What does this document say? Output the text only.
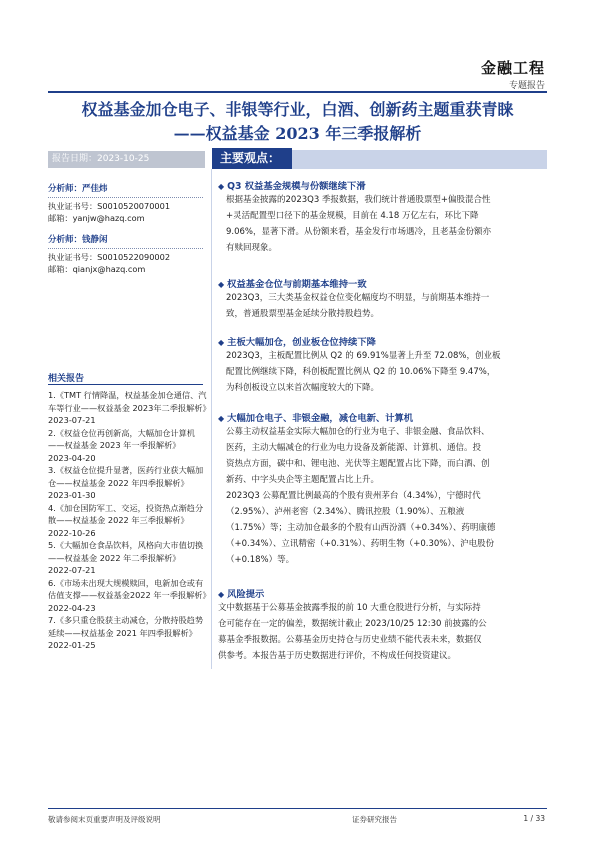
金融工程
专题报告
权益基金加仓电子、非银等行业，白酒、创新药主题重获青睐
——权益基金 2023 年三季报解析
报告日期：2023-10-25	主要观点：
分析师：严佳炜
执业证书号：S0010520070001
邮箱：yanjw@hazq.com
分析师：钱静闲
执业证书号：S0010522090002
邮箱：qianjx@hazq.com
相关报告
1.《TMT 行情降温，权益基金加仓通信、汽车等行业——权益基金 2023年二季报解析》
2023-07-21
2.《权益仓位再创新高，大幅加仓计算机——权益基金 2023 年一季报解析》
2023-04-20
3.《权益仓位提升显著，医药行业获大幅加仓——权益基金 2022 年四季报解析》
2023-01-30
4.《加仓国防军工、交运，投资热点渐趋分散——权益基金 2022 年三季报解析》
2022-10-26
5.《大幅加仓食品饮料，风格向大市值切换——权益基金 2022 年二季报解析》
2022-07-21
6.《市场未出现大规模赎回，电新加仓或有估值支撑——权益基金2022 年一季报解析》
2022-04-23
7.《多只重仓股获主动减仓，分散持股趋势延续——权益基金 2021 年四季报解析》
2022-01-25
◆ Q3 权益基金规模与份额继续下滑
根据基金披露的2023Q3 季报数据，我们统计普通股票型+偏股混合性
+灵活配置型口径下的基金规模，目前在 4.18 万亿左右，环比下降
9.06%，显著下滑。从份额来看，基金发行市场遇冷，且老基金份额亦
有赎回现象。
◆ 权益基金仓位与前期基本维持一致
2023Q3，三大类基金权益仓位变化幅度均不明显，与前期基本维持一
致，普通股票型基金延续分散持股趋势。
◆ 主板大幅加仓，创业板仓位持续下降
2023Q3，主板配置比例从 Q2 的 69.91%显著上升至 72.08%，创业板
配置比例继续下降，科创板配置比例从 Q2 的 10.06%下降至 9.47%，
为科创板设立以来首次幅度较大的下降。
◆ 大幅加仓电子、非银金融，减仓电新、计算机
公募主动权益基金实际大幅加仓的行业为电子、非银金融、食品饮料、
医药，主动大幅减仓的行业为电力设备及新能源、计算机、通信。投
资热点方面，碳中和、锂电池、光伏等主题配置占比下降，而白酒、创
新药、中字头央企等主题配置占比上升。
2023Q3 公募配置比例最高的个股有贵州茅台（4.34%），宁德时代
（2.95%）、泸州老窖（2.34%）、腾讯控股（1.90%）、五粮液
（1.75%）等；主动加仓最多的个股有山西汾酒（+0.34%）、药明康德
（+0.34%）、立讯精密（+0.31%）、药明生物（+0.30%）、沪电股份
（+0.18%）等。
◆ 风险提示
文中数据基于公募基金披露季报的前 10 大重仓股进行分析，与实际持
仓可能存在一定的偏差，数据统计截止 2023/10/25 12:30 前披露的公
募基金季报数据。公募基金历史持仓与历史业绩不能代表未来，数据仅
供参考。本报告基于历史数据进行评价，不构成任何投资建议。
敬请参阅末页重要声明及评级说明	证券研究报告	1 / 33
